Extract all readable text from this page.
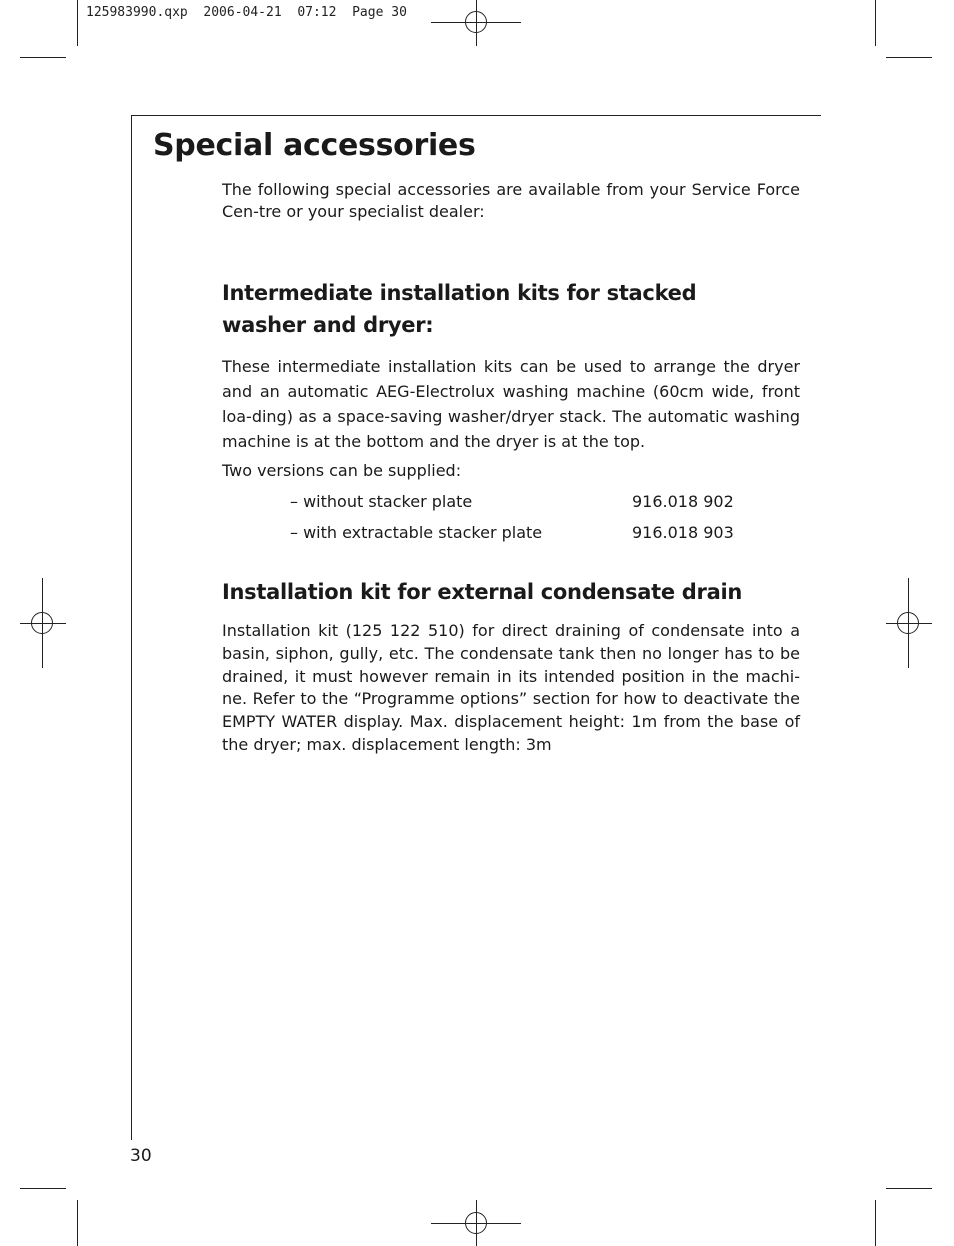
125983990.qxp  2006-04-21  07:12  Page 30
Special accessories

The following special accessories are available from your Service Force Cen-tre or your specialist dealer:

Intermediate installation kits for stacked
washer and dryer:

These intermediate installation kits can be used to arrange the dryer and an automatic AEG-Electrolux washing machine (60cm wide, front loa-ding) as a space-saving washer/dryer stack. The automatic washing machine is at the bottom and the dryer is at the top.

Two versions can be supplied:

– without stacker plate	916.018 902
– with extractable stacker plate	916.018 903
Installation kit for external condensate drain

Installation kit (125 122 510) for direct draining of condensate into a basin, siphon, gully, etc. The condensate tank then no longer has to be drained, it must however remain in its intended position in the machi-ne. Refer to the “Programme options” section for how to deactivate the EMPTY WATER display. Max. displacement height: 1m from the base of the dryer; max. displacement length: 3m

30
